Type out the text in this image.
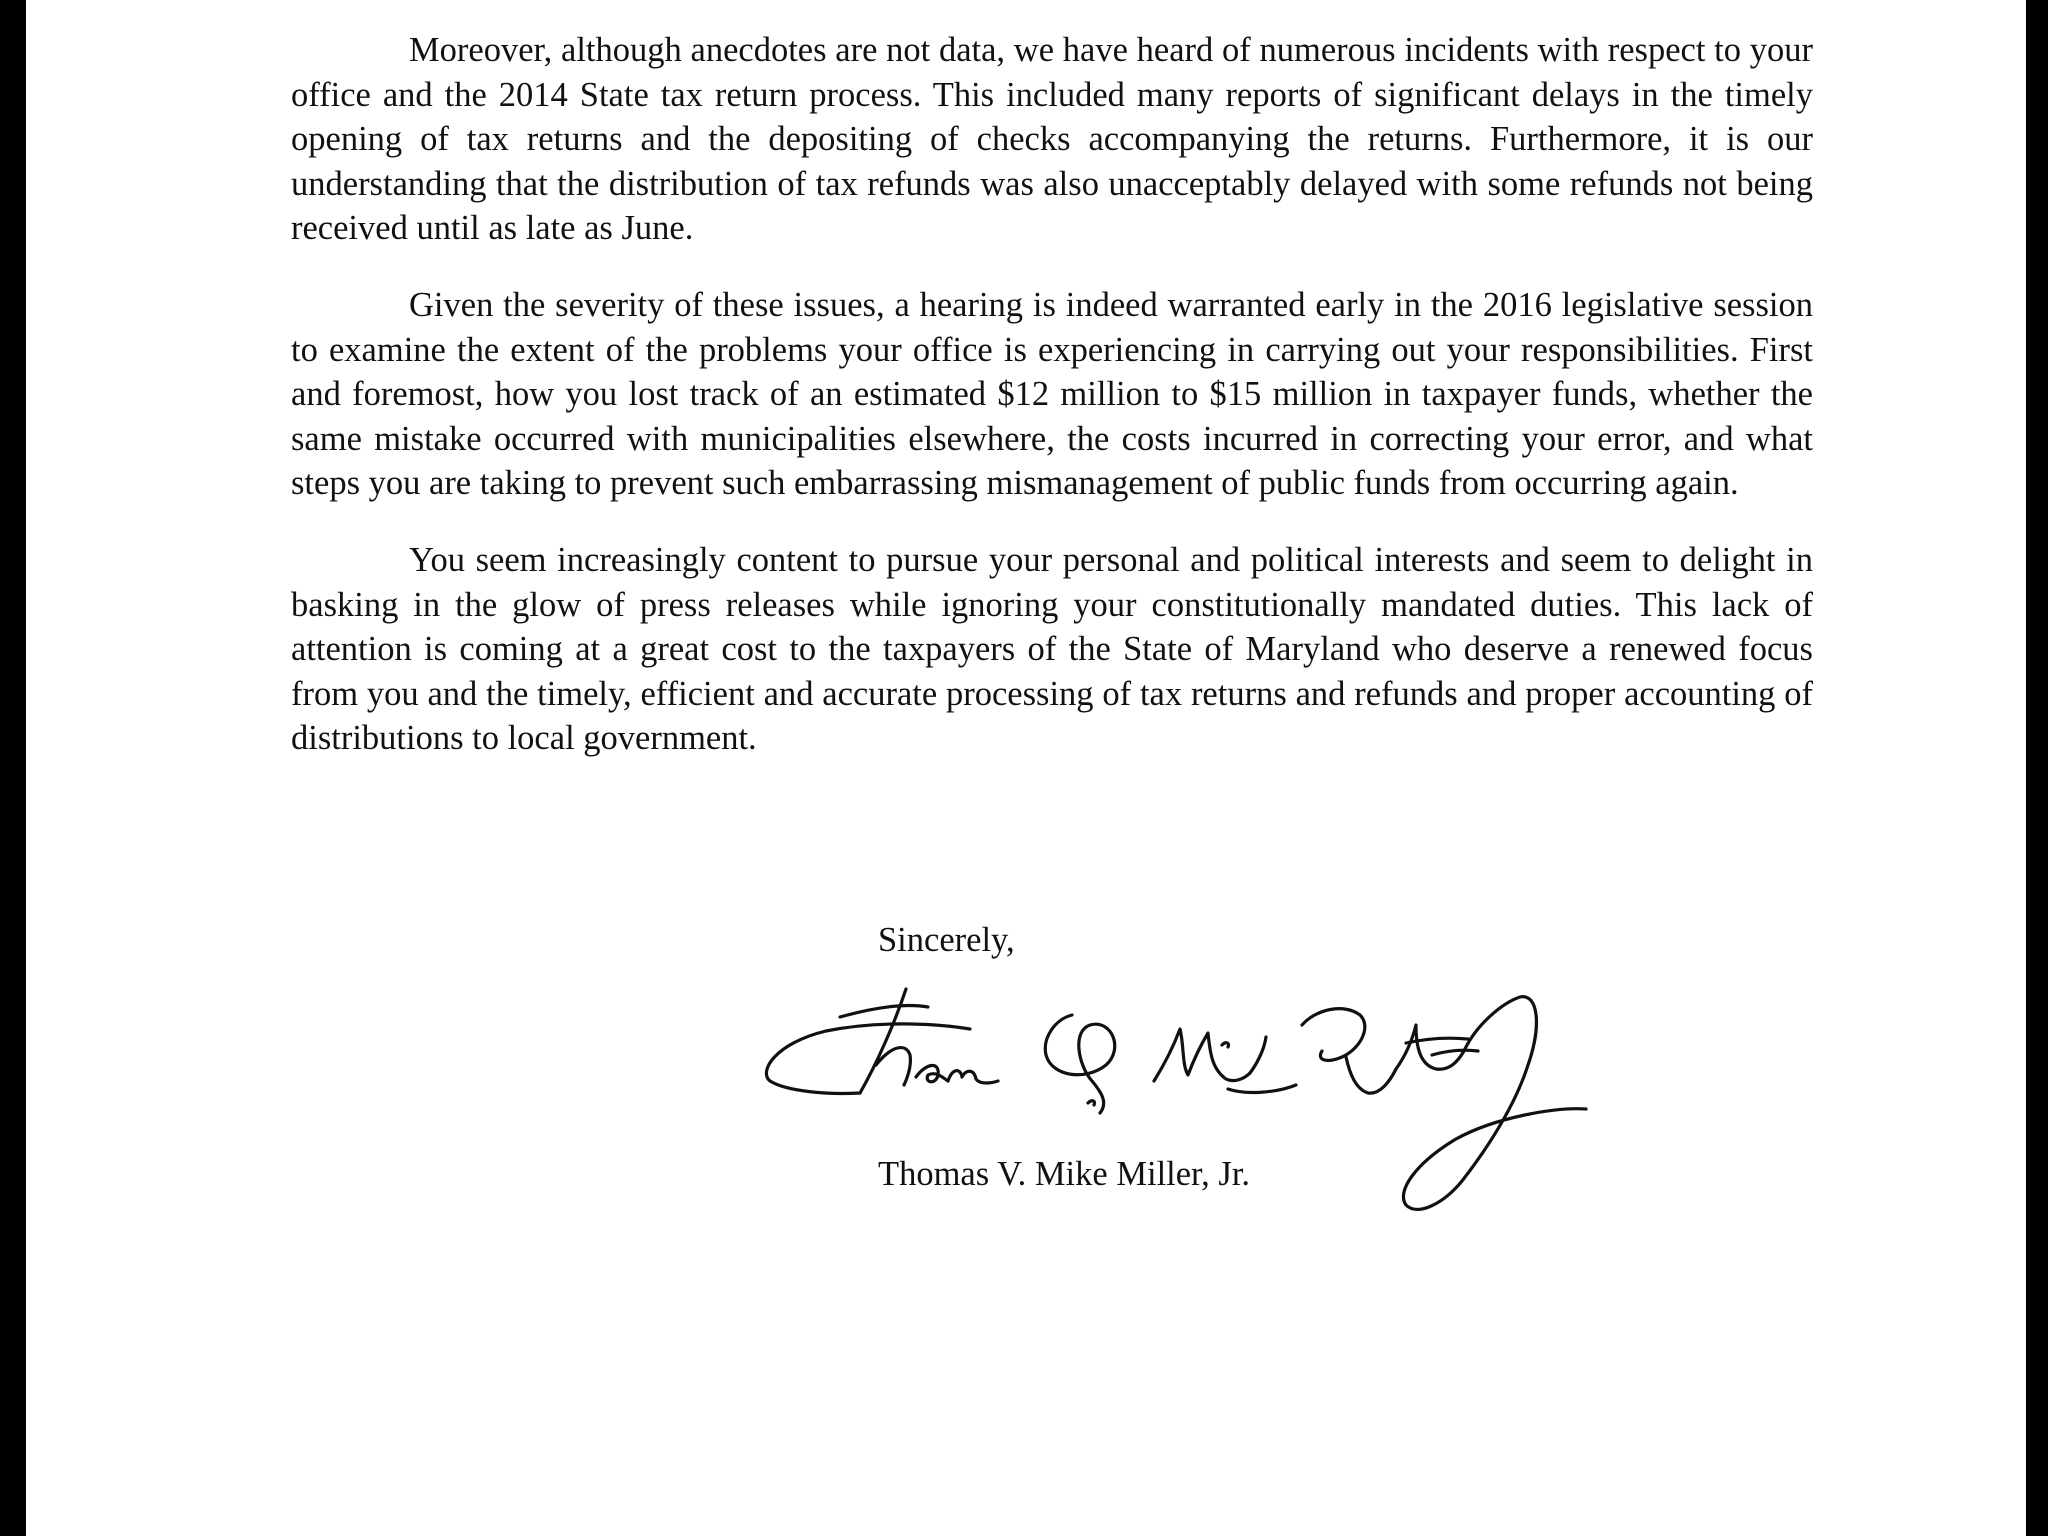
Moreover, although anecdotes are not data, we have heard of numerous incidents with respect to your office and the 2014 State tax return process. This included many reports of significant delays in the timely opening of tax returns and the depositing of checks accompanying the returns. Furthermore, it is our understanding that the distribution of tax refunds was also unacceptably delayed with some refunds not being received until as late as June.

Given the severity of these issues, a hearing is indeed warranted early in the 2016 legislative session to examine the extent of the problems your office is experiencing in carrying out your responsibilities. First and foremost, how you lost track of an estimated $12 million to $15 million in taxpayer funds, whether the same mistake occurred with municipalities elsewhere, the costs incurred in correcting your error, and what steps you are taking to prevent such embarrassing mismanagement of public funds from occurring again.

You seem increasingly content to pursue your personal and political interests and seem to delight in basking in the glow of press releases while ignoring your constitutionally mandated duties. This lack of attention is coming at a great cost to the taxpayers of the State of Maryland who deserve a renewed focus from you and the timely, efficient and accurate processing of tax returns and refunds and proper accounting of distributions to local government.

Sincerely,
Thomas V. Mike Miller, Jr.
